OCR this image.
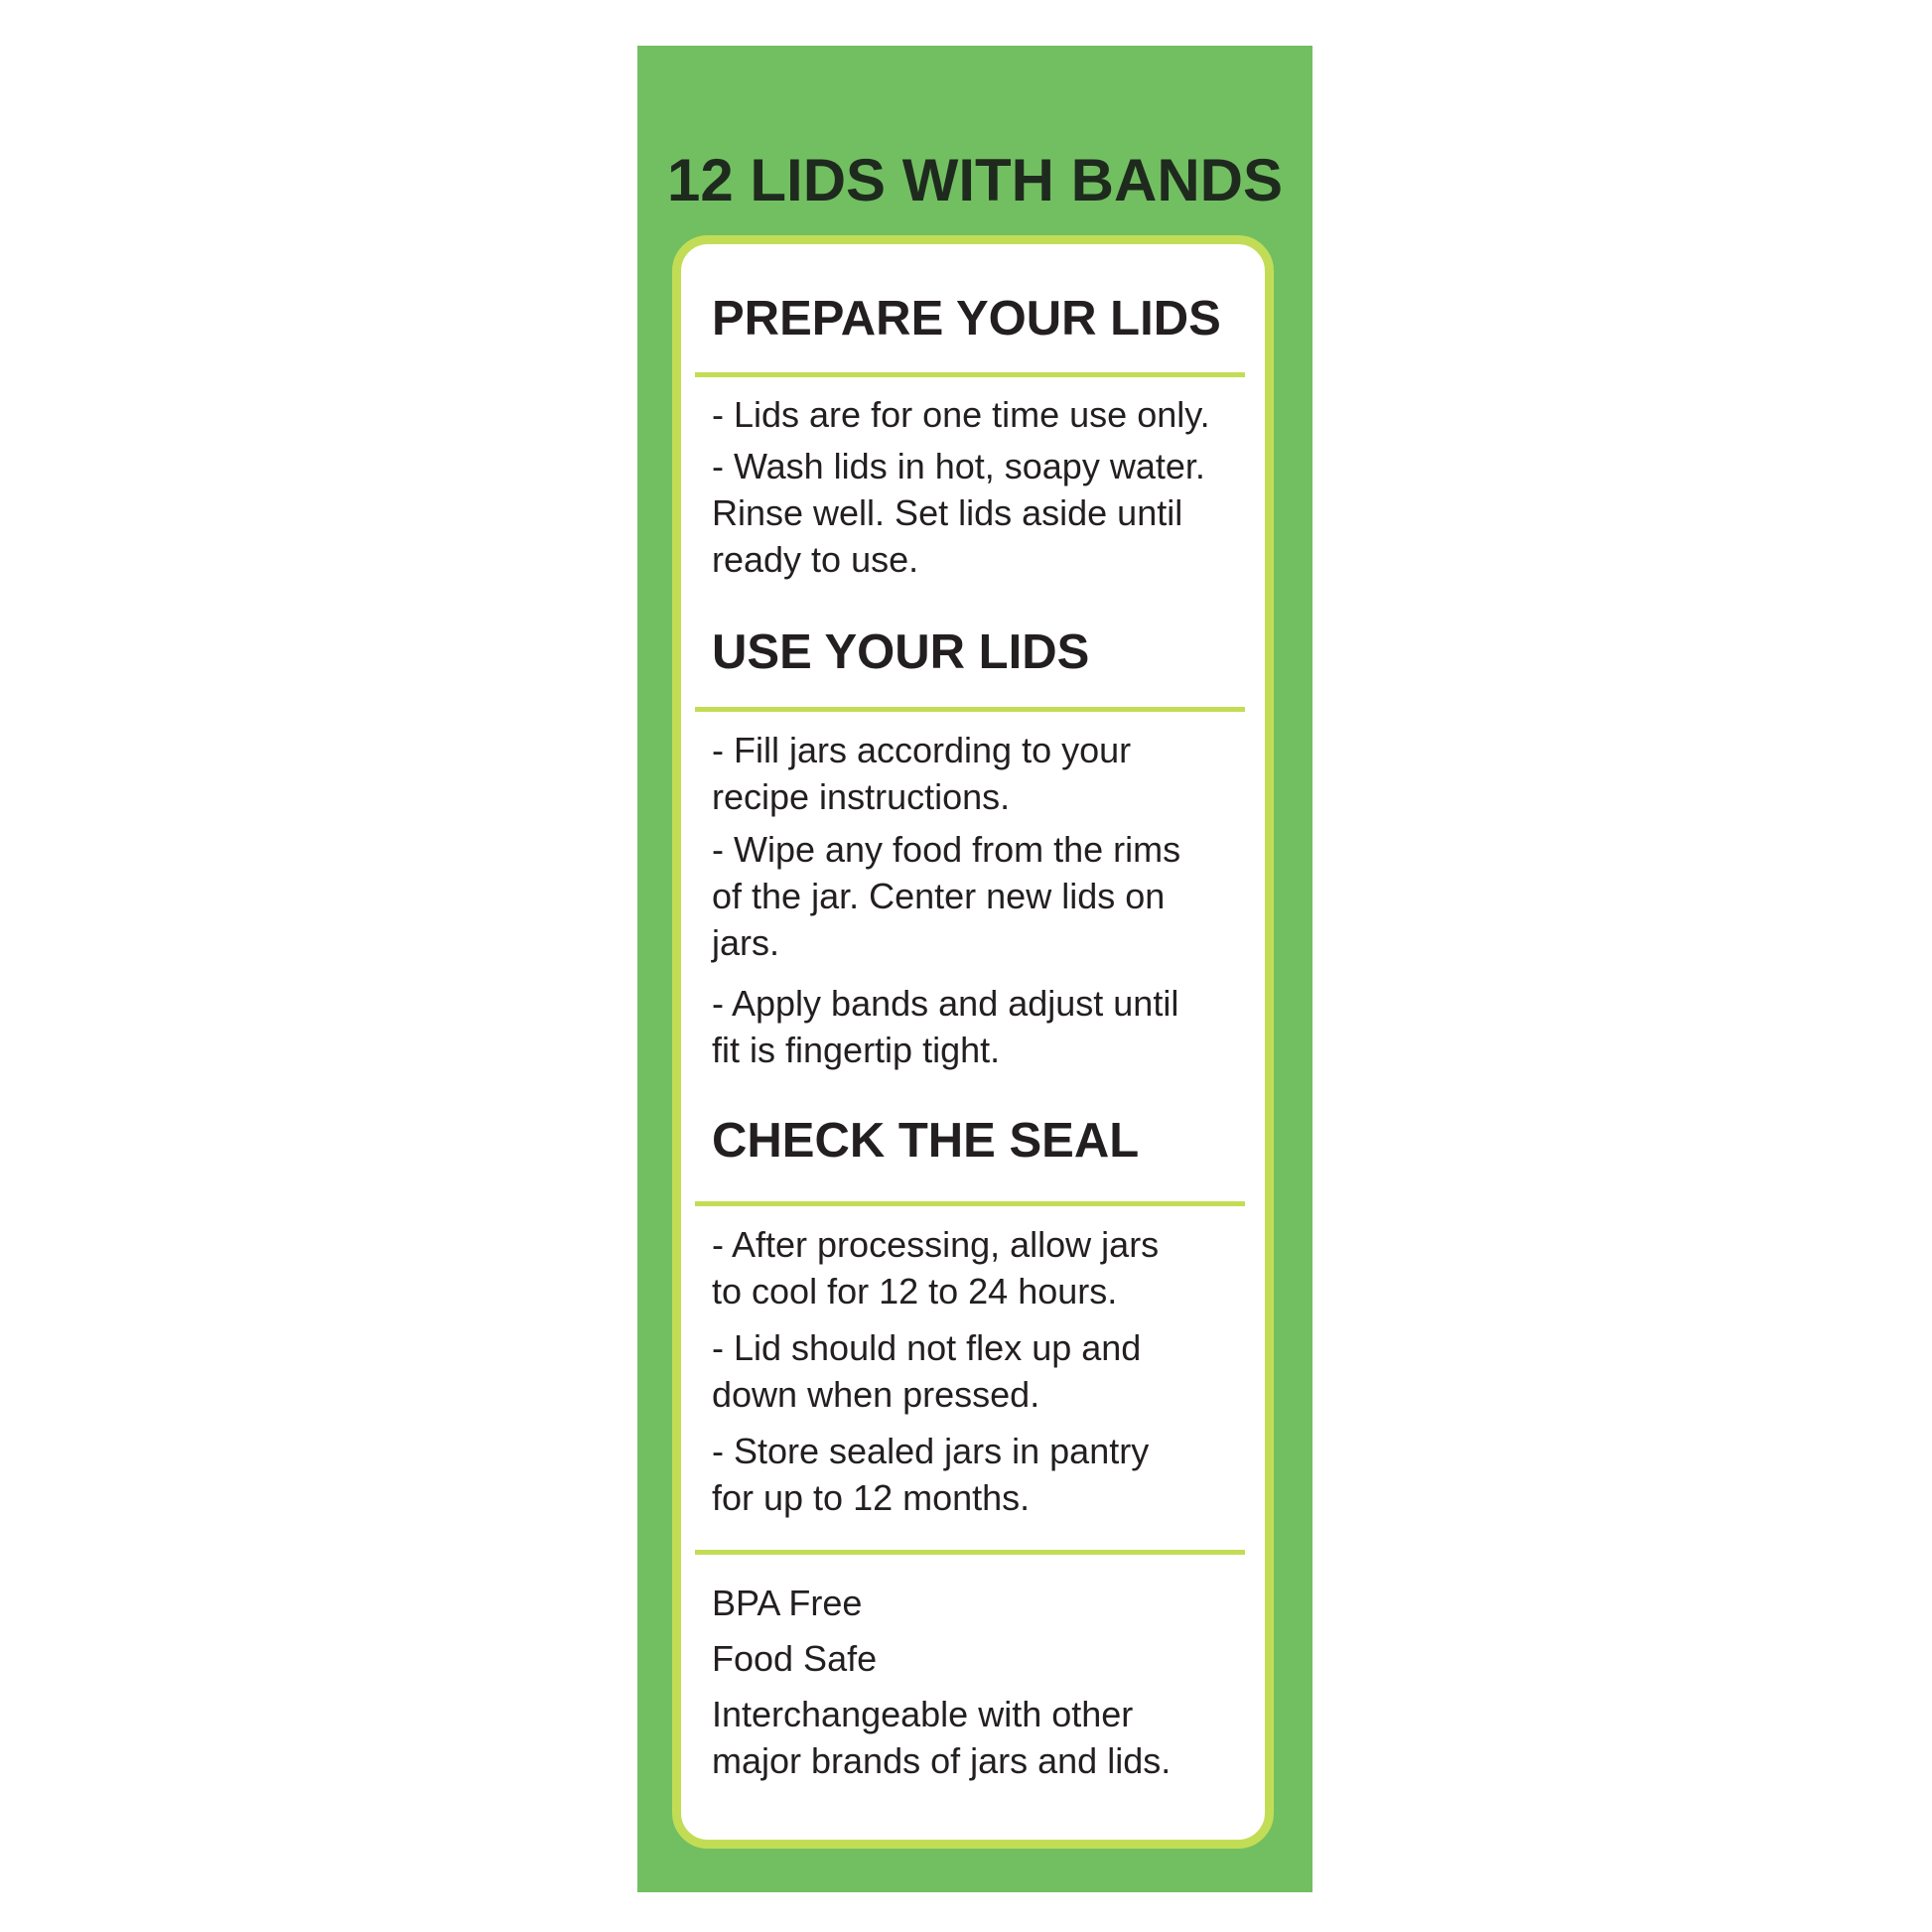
12 LIDS WITH BANDS
PREPARE YOUR LIDS
- Lids are for one time use only.
- Wash lids in hot, soapy water.
Rinse well. Set lids aside until
ready to use.
USE YOUR LIDS
- Fill jars according to your
recipe instructions.
- Wipe any food from the rims
of the jar. Center new lids on
jars.
- Apply bands and adjust until
fit is fingertip tight.
CHECK THE SEAL
- After processing, allow jars
to cool for 12 to 24 hours.
- Lid should not flex up and
down when pressed.
- Store sealed jars in pantry
for up to 12 months.
BPA Free
Food Safe
Interchangeable with other
major brands of jars and lids.
